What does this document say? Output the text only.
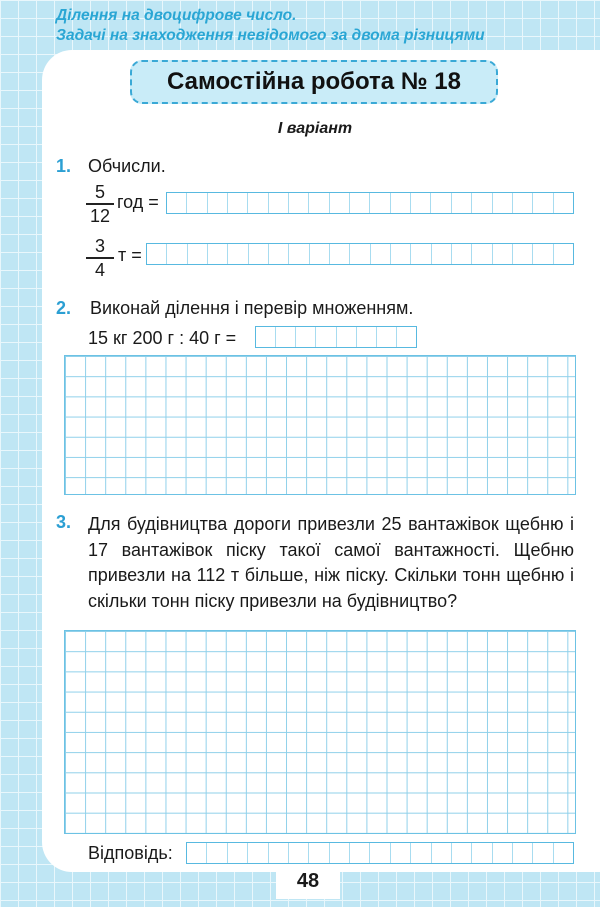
Ділення на двоцифрове число.
Задачі на знаходження невідомого за двома різницями
Самостійна робота № 18
І варіант
1. Обчисли.
5
12
год =
3
4
т =
2. Виконай ділення і перевір множенням.
15 кг 200 г : 40 г =
3. Для будівництва дороги привезли 25 вантажівок щебню і 17 вантажівок піску такої самої вантажності. Щебню привезли на 112 т більше, ніж піску. Скільки тонн щебню і скільки тонн піску привезли на будівництво?
Відповідь:
48
